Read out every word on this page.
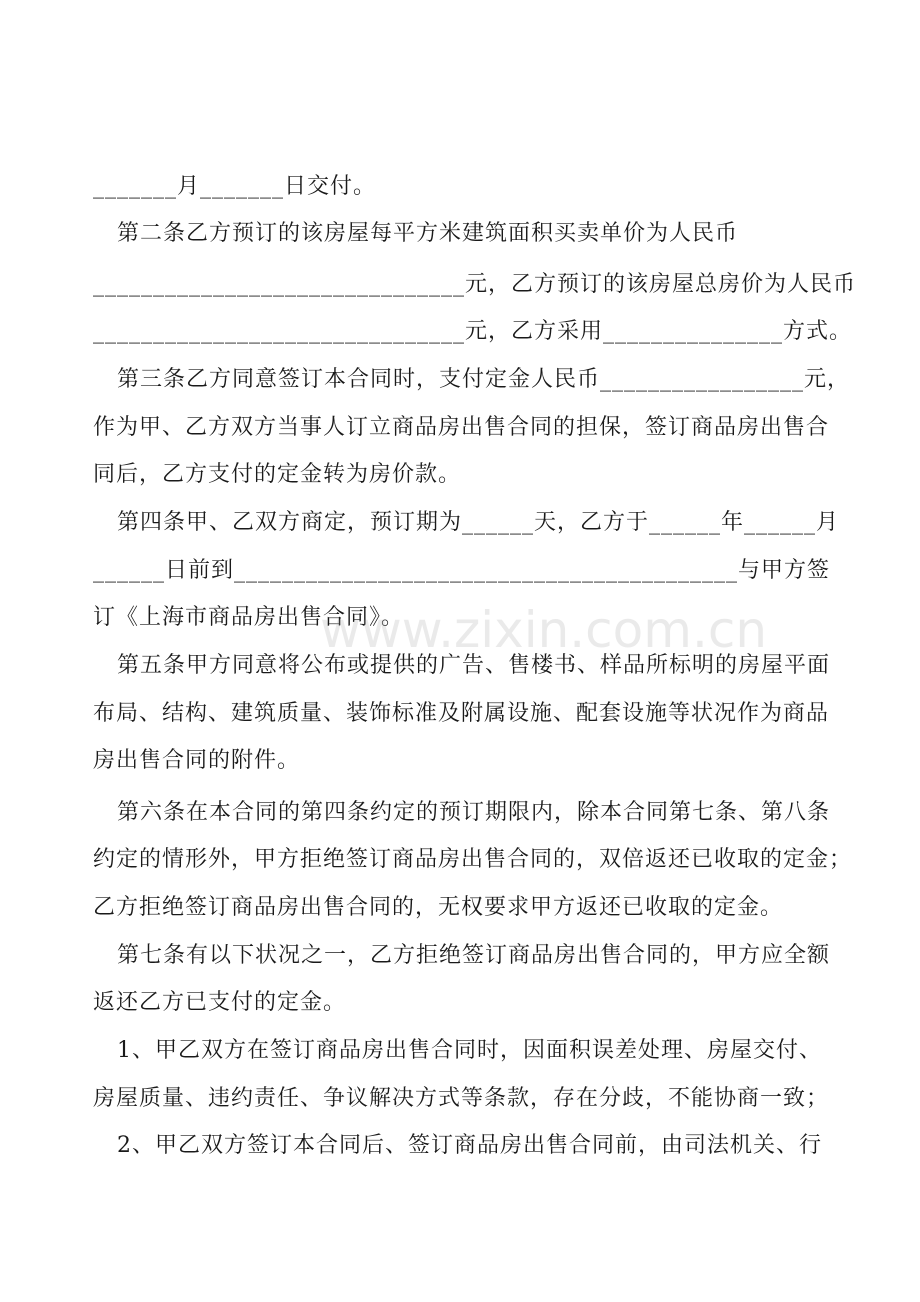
_______月_______日交付。
第二条乙方预订的该房屋每平方米建筑面积买卖单价为人民币
_______________________________元，乙方预订的该房屋总房价为人民币
_______________________________元，乙方采用_______________方式。
第三条乙方同意签订本合同时，支付定金人民币_________________元，
作为甲、乙方双方当事人订立商品房出售合同的担保，签订商品房出售合
同后，乙方支付的定金转为房价款。
第四条甲、乙双方商定，预订期为______天，乙方于______年______月
______日前到__________________________________________与甲方签
订《上海市商品房出售合同》。
第五条甲方同意将公布或提供的广告、售楼书、样品所标明的房屋平面
布局、结构、建筑质量、装饰标准及附属设施、配套设施等状况作为商品
房出售合同的附件。
第六条在本合同的第四条约定的预订期限内，除本合同第七条、第八条
约定的情形外，甲方拒绝签订商品房出售合同的，双倍返还已收取的定金；
乙方拒绝签订商品房出售合同的，无权要求甲方返还已收取的定金。
第七条有以下状况之一，乙方拒绝签订商品房出售合同的，甲方应全额
返还乙方已支付的定金。
1、甲乙双方在签订商品房出售合同时，因面积误差处理、房屋交付、
房屋质量、违约责任、争议解决方式等条款，存在分歧，不能协商一致；
2、甲乙双方签订本合同后、签订商品房出售合同前，由司法机关、行
www.zixin.com.cn
